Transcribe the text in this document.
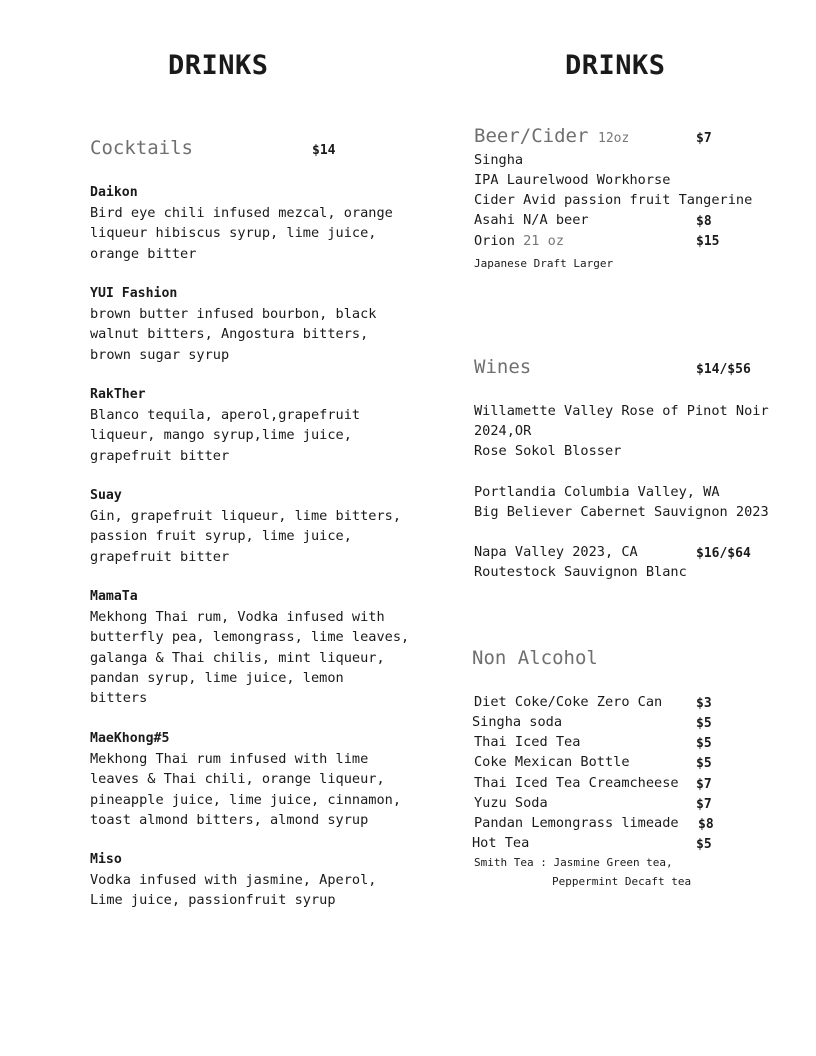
DRINKS
Cocktails	$14
Daikon
Bird eye chili infused mezcal, orange
liqueur hibiscus syrup, lime juice,
orange bitter
YUI Fashion
brown butter infused bourbon, black
walnut bitters, Angostura bitters,
brown sugar syrup
RakTher
Blanco tequila, aperol,grapefruit
liqueur, mango syrup,lime juice,
grapefruit bitter
Suay
Gin, grapefruit liqueur, lime bitters,
passion fruit syrup, lime juice,
grapefruit bitter
MamaTa
Mekhong Thai rum, Vodka infused with
butterfly pea, lemongrass, lime leaves,
galanga & Thai chilis, mint liqueur,
pandan syrup, lime juice, lemon
bitters
MaeKhong#5
Mekhong Thai rum infused with lime
leaves & Thai chili, orange liqueur,
pineapple juice, lime juice, cinnamon,
toast almond bitters, almond syrup
Miso
Vodka infused with jasmine, Aperol,
Lime juice, passionfruit syrup
DRINKS
Beer/Cider 12oz	$7
Singha
IPA Laurelwood Workhorse
Cider Avid passion fruit Tangerine
Asahi N/A beer	$8
Orion 21 oz	$15
Japanese Draft Larger
Wines	$14/$56
Willamette Valley Rose of Pinot Noir
2024,OR
Rose Sokol Blosser
Portlandia Columbia Valley, WA
Big Believer Cabernet Sauvignon 2023
Napa Valley 2023, CA	$16/$64
Routestock Sauvignon Blanc
Non Alcohol
Diet Coke/Coke Zero Can	$3
Singha soda	$5
Thai Iced Tea	$5
Coke Mexican Bottle	$5
Thai Iced Tea Creamcheese $7
Yuzu Soda	$7
Pandan Lemongrass limeade $8
Hot Tea	$5
Smith Tea : Jasmine Green tea,
Peppermint Decaft tea
